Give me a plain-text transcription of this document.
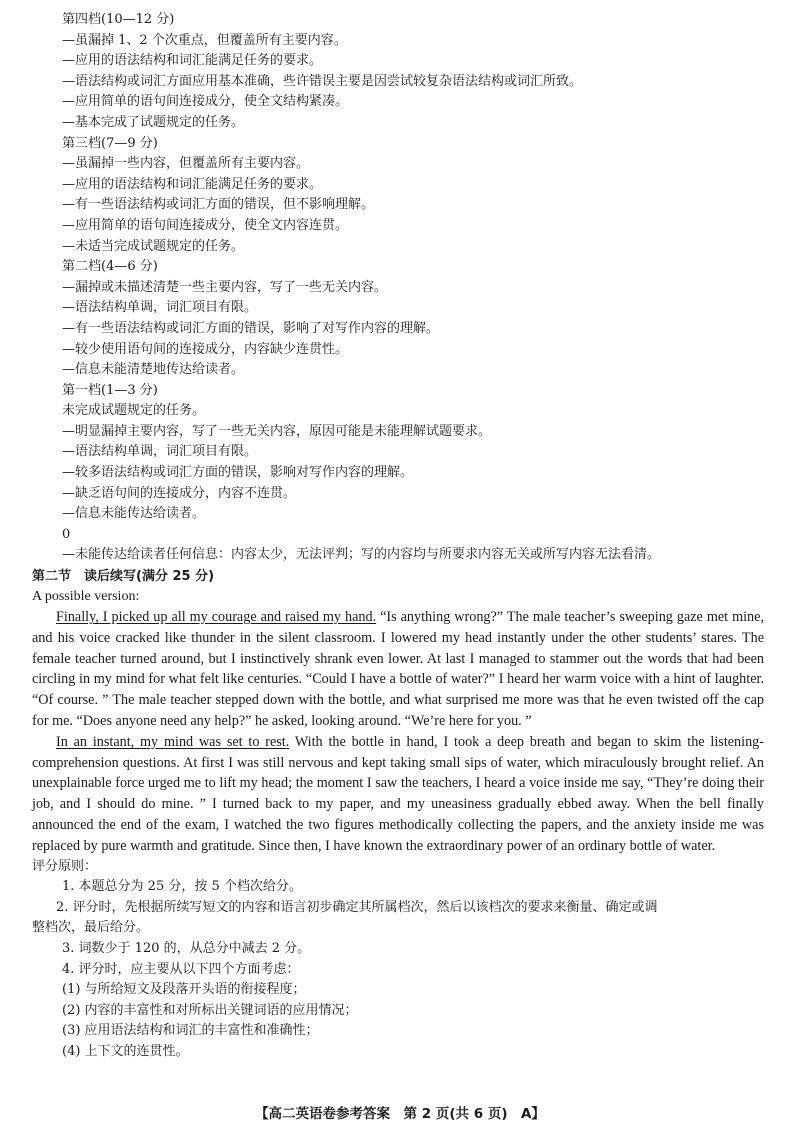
第四档(10—12 分)
—虽漏掉 1、2 个次重点，但覆盖所有主要内容。
—应用的语法结构和词汇能满足任务的要求。
—语法结构或词汇方面应用基本准确，些许错误主要是因尝试较复杂语法结构或词汇所致。
—应用简单的语句间连接成分，使全文结构紧凑。
—基本完成了试题规定的任务。
第三档(7—9 分)
—虽漏掉一些内容，但覆盖所有主要内容。
—应用的语法结构和词汇能满足任务的要求。
—有一些语法结构或词汇方面的错误，但不影响理解。
—应用简单的语句间连接成分，使全文内容连贯。
—未适当完成试题规定的任务。
第二档(4—6 分)
—漏掉或未描述清楚一些主要内容，写了一些无关内容。
—语法结构单调，词汇项目有限。
—有一些语法结构或词汇方面的错误，影响了对写作内容的理解。
—较少使用语句间的连接成分，内容缺少连贯性。
—信息未能清楚地传达给读者。
第一档(1—3 分)
未完成试题规定的任务。
—明显漏掉主要内容，写了一些无关内容，原因可能是未能理解试题要求。
—语法结构单调，词汇项目有限。
—较多语法结构或词汇方面的错误，影响对写作内容的理解。
—缺乏语句间的连接成分，内容不连贯。
—信息未能传达给读者。
0
—未能传达给读者任何信息：内容太少，无法评判；写的内容均与所要求内容无关或所写内容无法看清。
第二节　读后续写(满分 25 分)
A possible version:

Finally, I picked up all my courage and raised my hand. “Is anything wrong?” The male teacher’s sweeping gaze met mine, and his voice cracked like thunder in the silent classroom. I lowered my head instantly under the other students’ stares. The female teacher turned around, but I instinctively shrank even lower. At last I managed to stammer out the words that had been circling in my mind for what felt like centuries. “Could I have a bottle of water?” I heard her warm voice with a hint of laughter. “Of course. ” The male teacher stepped down with the bottle, and what surprised me more was that he even twisted off the cap for me. “Does anyone need any help?” he asked, looking around. “We’re here for you. ”

In an instant, my mind was set to rest. With the bottle in hand, I took a deep breath and began to skim the listening-comprehension questions. At first I was still nervous and kept taking small sips of water, which miraculously brought relief. An unexplainable force urged me to lift my head; the moment I saw the teachers, I heard a voice inside me say, “They’re doing their job, and I should do mine. ” I turned back to my paper, and my uneasiness gradually ebbed away. When the bell finally announced the end of the exam, I watched the two figures methodically collecting the papers, and the anxiety inside me was replaced by pure warmth and gratitude. Since then, I have known the extraordinary power of an ordinary bottle of water.

评分原则：
1. 本题总分为 25 分，按 5 个档次给分。
2. 评分时，先根据所续写短文的内容和语言初步确定其所属档次，然后以该档次的要求来衡量、确定或调
整档次，最后给分。
3. 词数少于 120 的，从总分中减去 2 分。
4. 评分时，应主要从以下四个方面考虑：
(1) 与所给短文及段落开头语的衔接程度；
(2) 内容的丰富性和对所标出关键词语的应用情况；
(3) 应用语法结构和词汇的丰富性和准确性；
(4) 上下文的连贯性。
【高二英语卷参考答案　第 2 页(共 6 页)　A】
